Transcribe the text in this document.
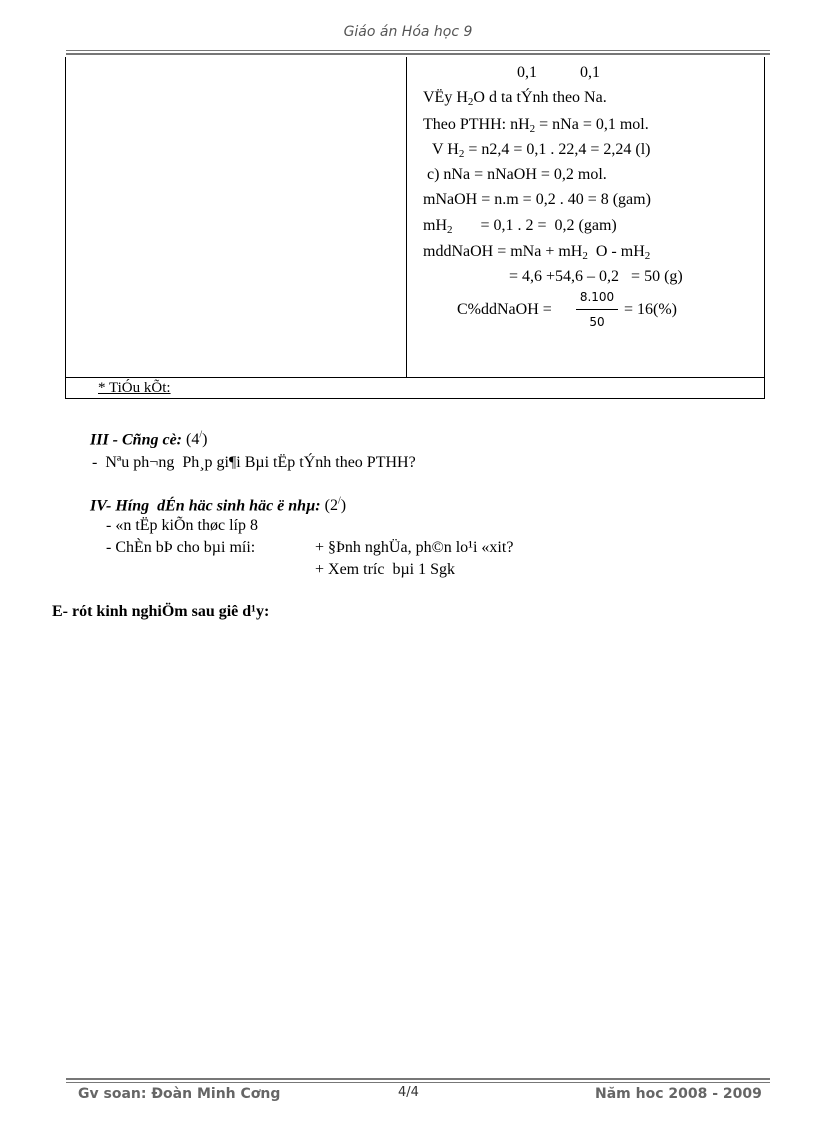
Giáo án Hóa học 9
0,1	0,1
VËy $H_2O$ d ta tÝnh theo Na.
Theo PTHH: $nH_2$ = nNa = 0,1 mol.
V $H_2 = n2,4 = 0,1$ . 22,4 = 2,24 (l)
c) nNa = nNaOH = 0,2 mol.
mNaOH = n.m = 0,2 . 40 = 8 (gam)
$mH_2$       = 0,1 . 2 =  0,2 (gam)
mddNaOH = mNa + $mH_2$  O - $mH_2$
= 4,6 +54,6 – 0,2   = 50 (g)
C%ddNaOH =
8.100
50
= 16(%)
* TiÓu kÕt:
III - Cñng cè: (4/)
-  Nªu ph¬ng  Ph¸p gi¶i Bµi tËp tÝnh theo PTHH?
IV- Híng  dÉn häc sinh häc ë nhµ: (2/)
- «n tËp kiÕn thøc líp 8
- ChÈn bÞ cho bµi míi:	+ §Þnh nghÜa, ph©n lo¹i «xit?
+ Xem tríc  bµi 1 Sgk
E- rót kinh nghiÖm sau giê d¹y:
Gv soan: Đoàn Minh Cơng	4/4	Năm hoc 2008 - 2009
